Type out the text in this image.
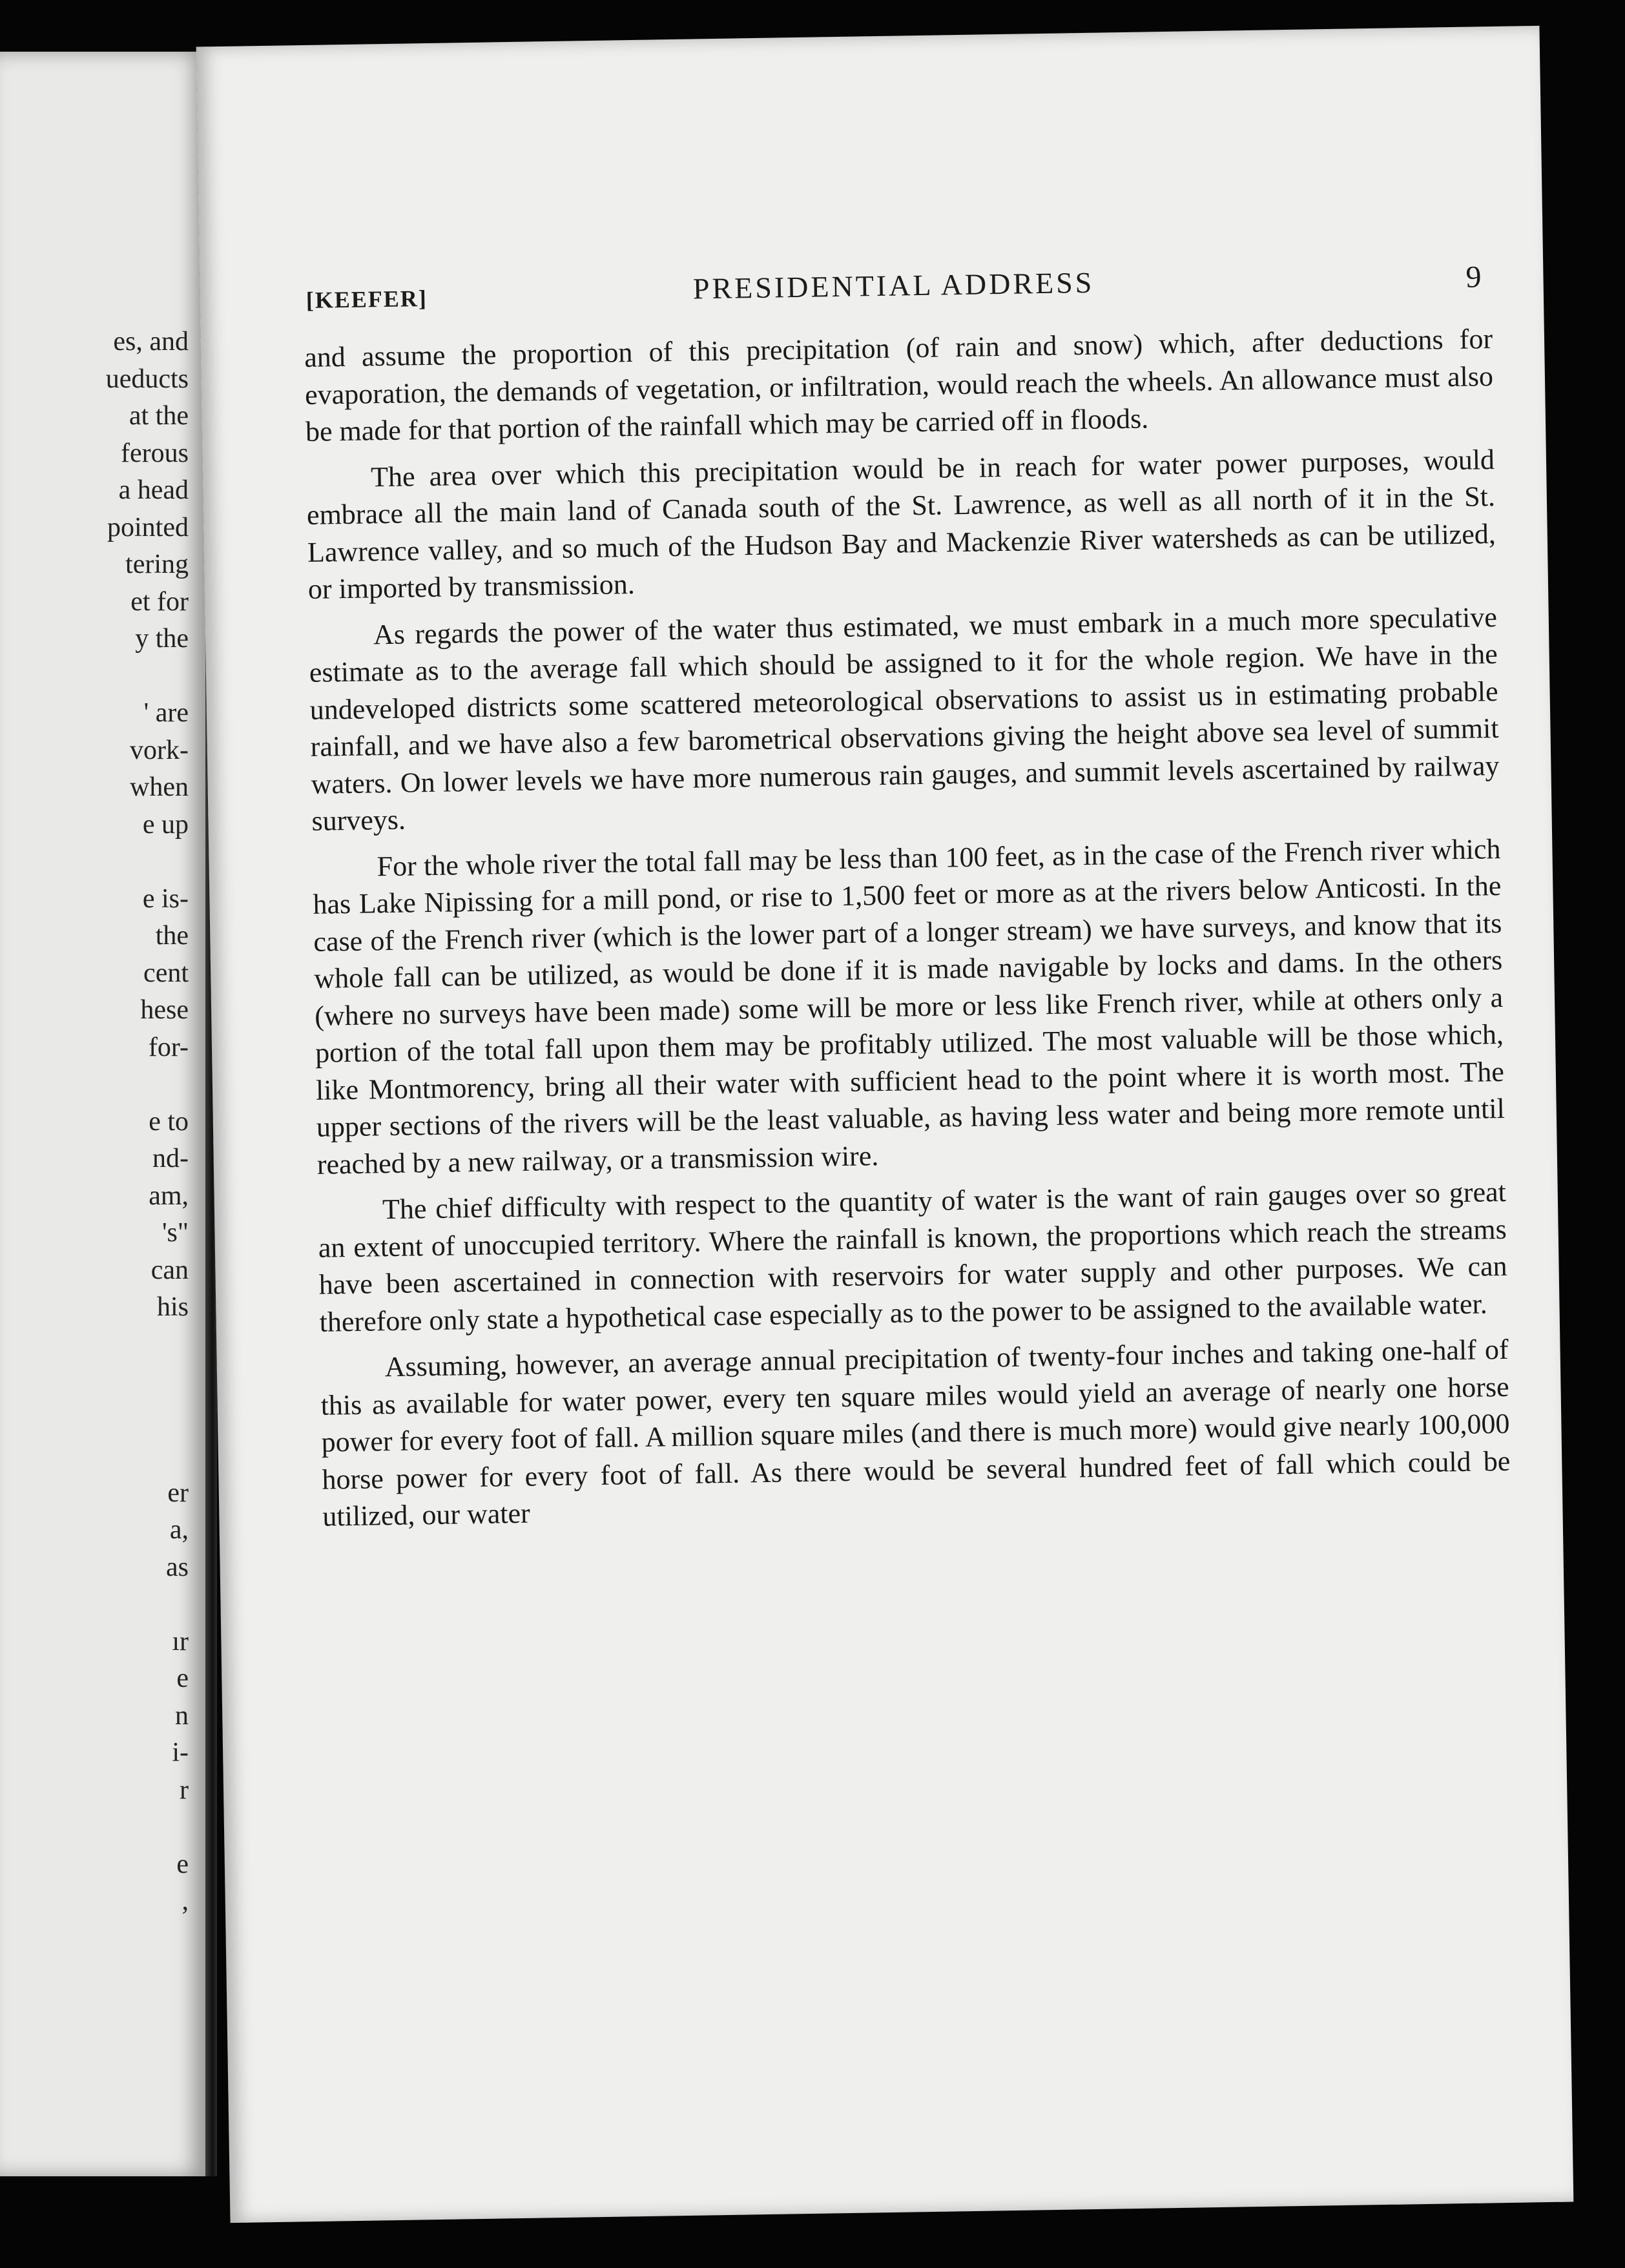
es, and
ueducts
at the
ferous
a head
pointed
tering
et for
y the
' are
vork-
when
e up
e is-
the
cent
hese
for-
e to
nd-
am,
's"
can
his
er
a,
as
ır
e
n
i-
r
e
,
[KEEFER]	PRESIDENTIAL ADDRESS	9

and assume the proportion of this precipitation (of rain and snow) which, after deductions for evaporation, the demands of vegetation, or infiltration, would reach the wheels. An allowance must also be made for that portion of the rainfall which may be carried off in floods.

The area over which this precipitation would be in reach for water power purposes, would embrace all the main land of Canada south of the St. Lawrence, as well as all north of it in the St. Lawrence valley, and so much of the Hudson Bay and Mackenzie River watersheds as can be utilized, or imported by transmission.

As regards the power of the water thus estimated, we must embark in a much more speculative estimate as to the average fall which should be assigned to it for the whole region. We have in the undeveloped districts some scattered meteorological observations to assist us in estimating probable rainfall, and we have also a few barometrical observations giving the height above sea level of summit waters. On lower levels we have more numerous rain gauges, and summit levels ascertained by railway surveys.

For the whole river the total fall may be less than 100 feet, as in the case of the French river which has Lake Nipissing for a mill pond, or rise to 1,500 feet or more as at the rivers below Anticosti. In the case of the French river (which is the lower part of a longer stream) we have surveys, and know that its whole fall can be utilized, as would be done if it is made navigable by locks and dams. In the others (where no surveys have been made) some will be more or less like French river, while at others only a portion of the total fall upon them may be profitably utilized. The most valuable will be those which, like Montmorency, bring all their water with sufficient head to the point where it is worth most. The upper sections of the rivers will be the least valuable, as having less water and being more remote until reached by a new railway, or a transmission wire.

The chief difficulty with respect to the quantity of water is the want of rain gauges over so great an extent of unoccupied territory. Where the rainfall is known, the proportions which reach the streams have been ascertained in connection with reservoirs for water supply and other purposes. We can therefore only state a hypothetical case especially as to the power to be assigned to the available water.

Assuming, however, an average annual precipitation of twenty-four inches and taking one-half of this as available for water power, every ten square miles would yield an average of nearly one horse power for every foot of fall. A million square miles (and there is much more) would give nearly 100,000 horse power for every foot of fall. As there would be several hundred feet of fall which could be utilized, our water
